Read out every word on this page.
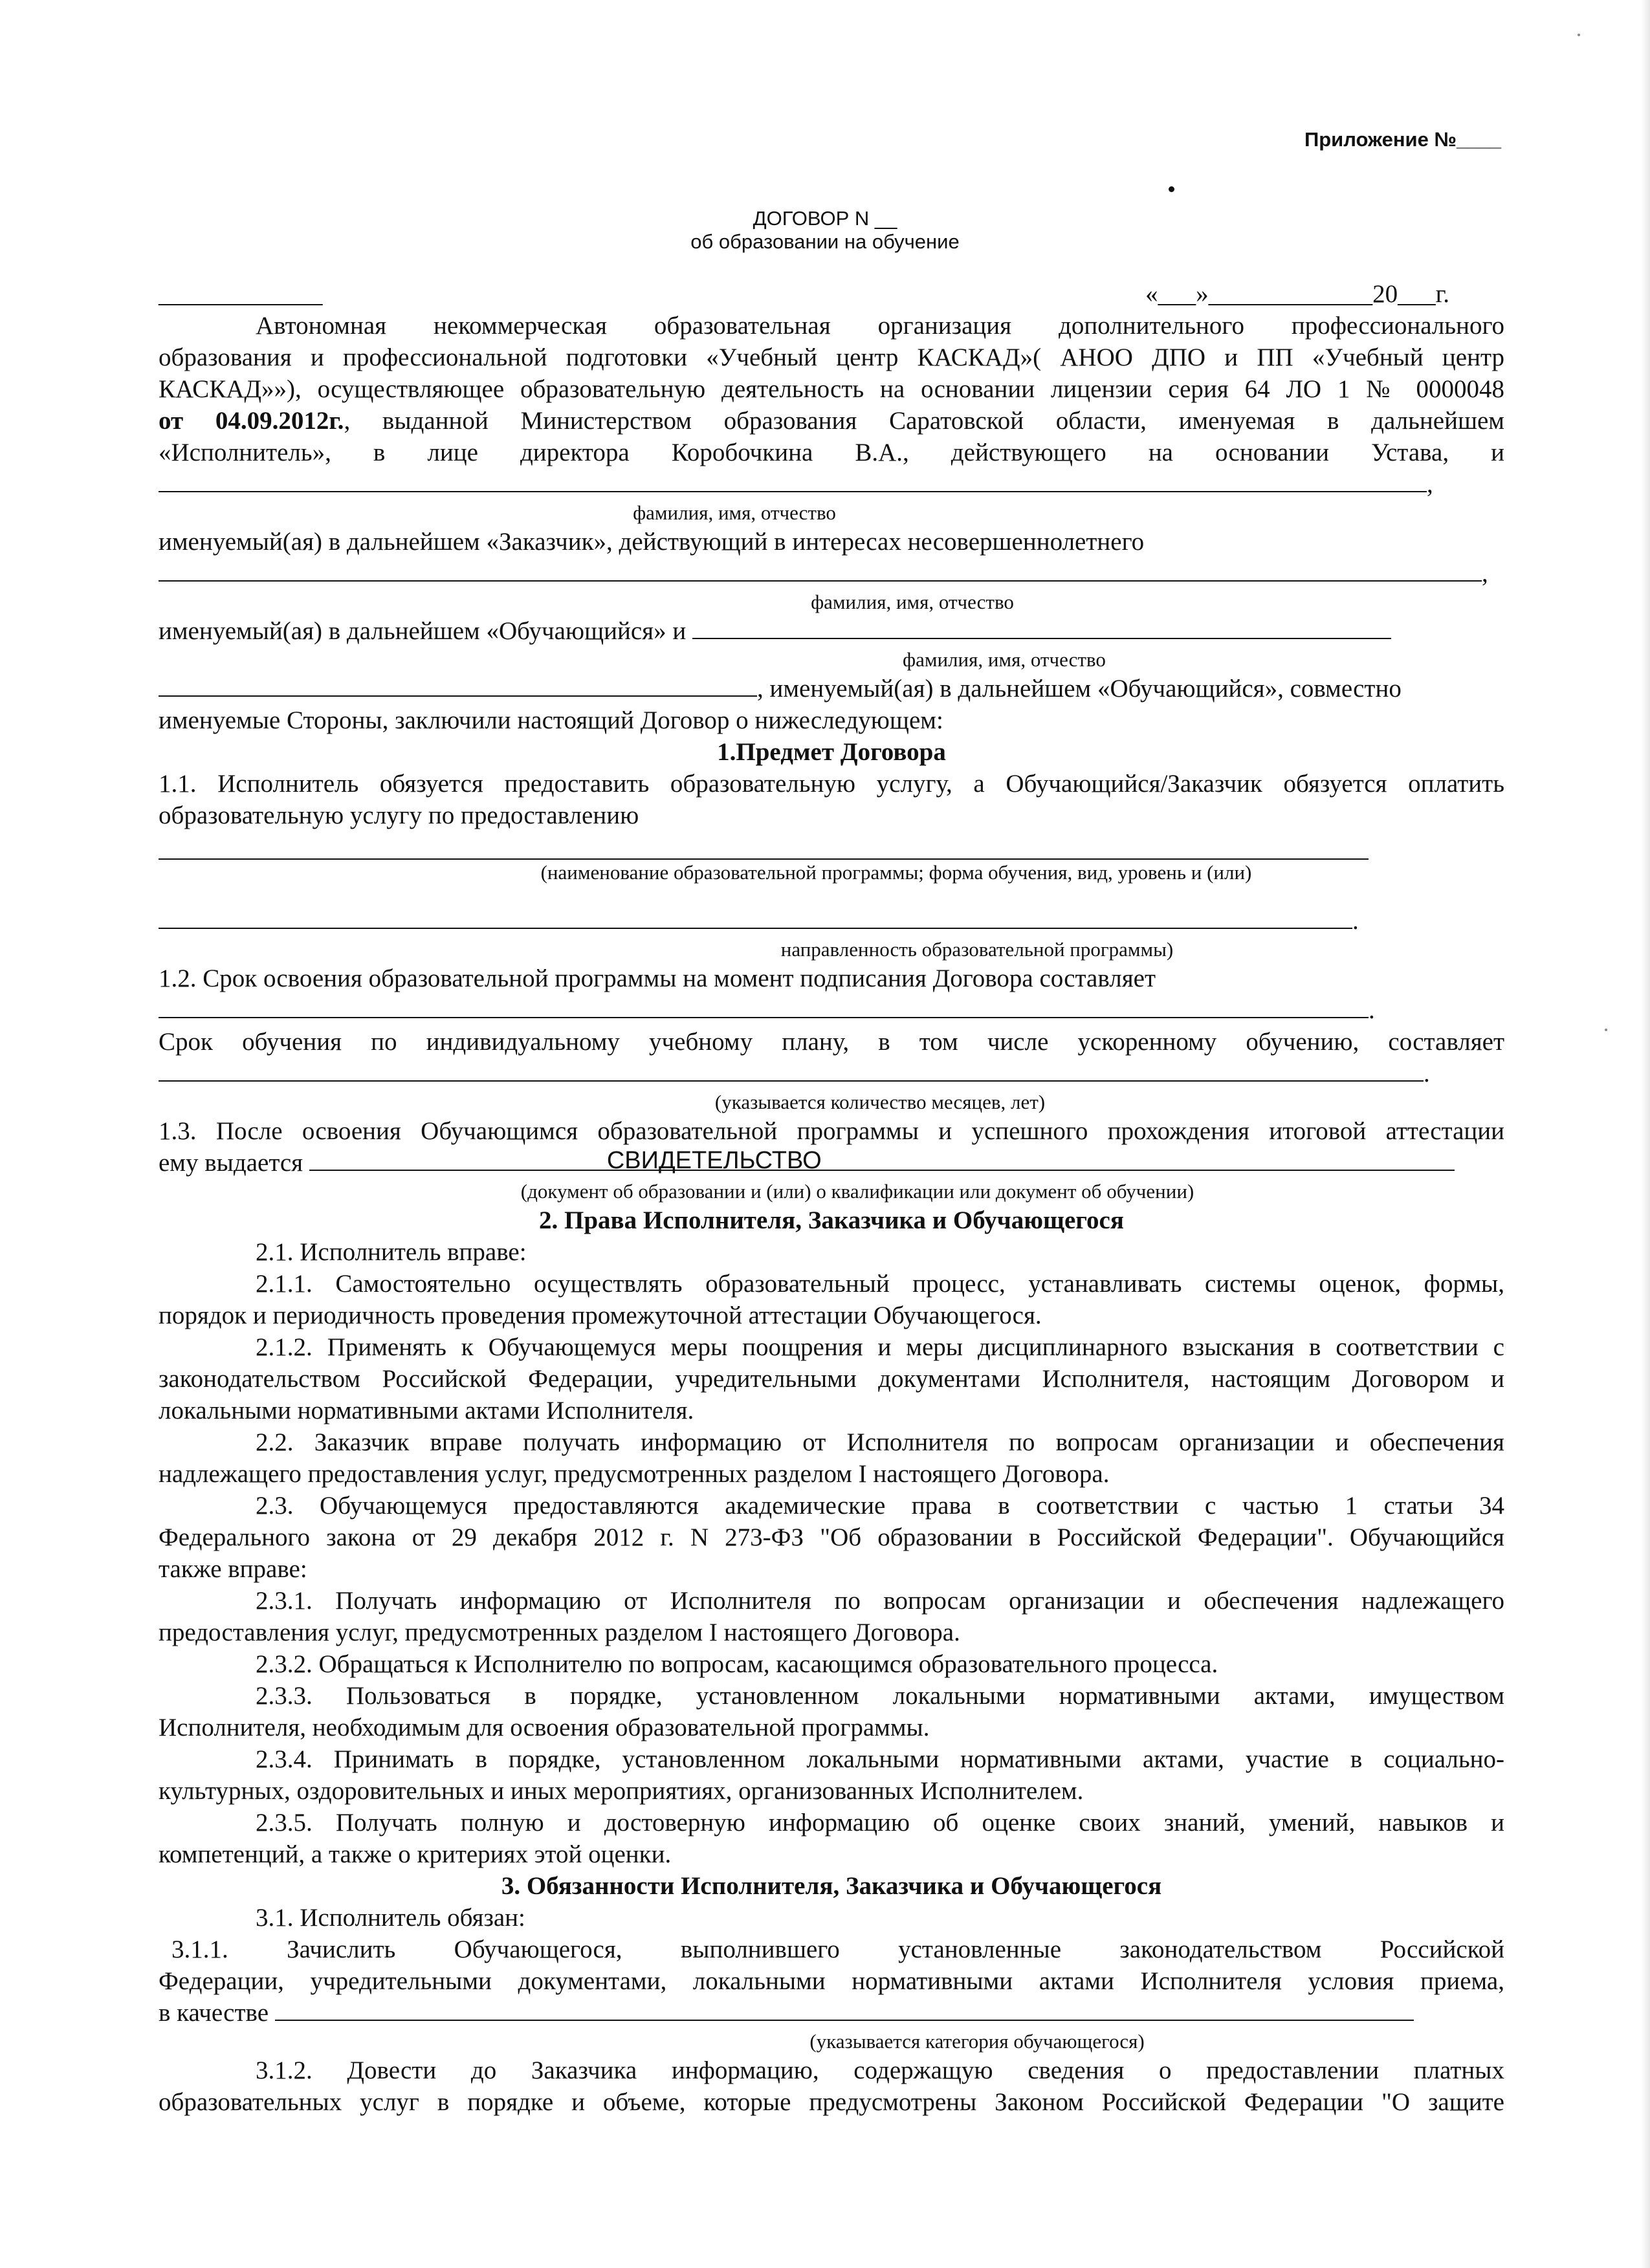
Приложение №____
ДОГОВОР N __
об образовании на обучение
_____________	«___»_____________20___г.
Автономная некоммерческая образовательная организация дополнительного профессионального
образования и профессиональной подготовки «Учебный центр КАСКАД»( АНОО ДПО и ПП «Учебный центр
КАСКАД»»), осуществляющее образовательную деятельность на основании лицензии серия 64 ЛО 1 № 0000048
от 04.09.2012г., выданной Министерством образования Саратовской области, именуемая в дальнейшем
«Исполнитель», в лице директора Коробочкина В.А., действующего на основании Устава, и
,
фамилия, имя, отчество
именуемый(ая) в дальнейшем «Заказчик», действующий в интересах несовершеннолетнего
,
фамилия, имя, отчество
именуемый(ая) в дальнейшем «Обучающийся» и
фамилия, имя, отчество
, именуемый(ая) в дальнейшем «Обучающийся», совместно
именуемые Стороны, заключили настоящий Договор о нижеследующем:
1.Предмет Договора
1.1. Исполнитель обязуется предоставить образовательную услугу, а Обучающийся/Заказчик обязуется оплатить
образовательную услугу по предоставлению
(наименование образовательной программы; форма обучения, вид, уровень и (или)
.
направленность образовательной программы)
1.2. Срок освоения образовательной программы на момент подписания Договора составляет
.
Срок обучения по индивидуальному учебному плану, в том числе ускоренному обучению, составляет
.
(указывается количество месяцев, лет)
1.3. После освоения Обучающимся образовательной программы и успешного прохождения итоговой аттестации
ему выдается	СВИДЕТЕЛЬСТВО
(документ об образовании и (или) о квалификации или документ об обучении)
2. Права Исполнителя, Заказчика и Обучающегося
2.1. Исполнитель вправе:
2.1.1. Самостоятельно осуществлять образовательный процесс, устанавливать системы оценок, формы,
порядок и периодичность проведения промежуточной аттестации Обучающегося.
2.1.2. Применять к Обучающемуся меры поощрения и меры дисциплинарного взыскания в соответствии с
законодательством Российской Федерации, учредительными документами Исполнителя, настоящим Договором и
локальными нормативными актами Исполнителя.
2.2. Заказчик вправе получать информацию от Исполнителя по вопросам организации и обеспечения
надлежащего предоставления услуг, предусмотренных разделом I настоящего Договора.
2.3. Обучающемуся предоставляются академические права в соответствии с частью 1 статьи 34
Федерального закона от 29 декабря 2012 г. N 273-ФЗ "Об образовании в Российской Федерации". Обучающийся
также вправе:
2.3.1. Получать информацию от Исполнителя по вопросам организации и обеспечения надлежащего
предоставления услуг, предусмотренных разделом I настоящего Договора.
2.3.2. Обращаться к Исполнителю по вопросам, касающимся образовательного процесса.
2.3.3. Пользоваться в порядке, установленном локальными нормативными актами, имуществом
Исполнителя, необходимым для освоения образовательной программы.
2.3.4. Принимать в порядке, установленном локальными нормативными актами, участие в социально-
культурных, оздоровительных и иных мероприятиях, организованных Исполнителем.
2.3.5. Получать полную и достоверную информацию об оценке своих знаний, умений, навыков и
компетенций, а также о критериях этой оценки.
3. Обязанности Исполнителя, Заказчика и Обучающегося
3.1. Исполнитель обязан:
3.1.1. Зачислить Обучающегося, выполнившего установленные законодательством Российской
Федерации, учредительными документами, локальными нормативными актами Исполнителя условия приема,
в качестве
(указывается категория обучающегося)
3.1.2. Довести до Заказчика информацию, содержащую сведения о предоставлении платных
образовательных услуг в порядке и объеме, которые предусмотрены Законом Российской Федерации "О защите
